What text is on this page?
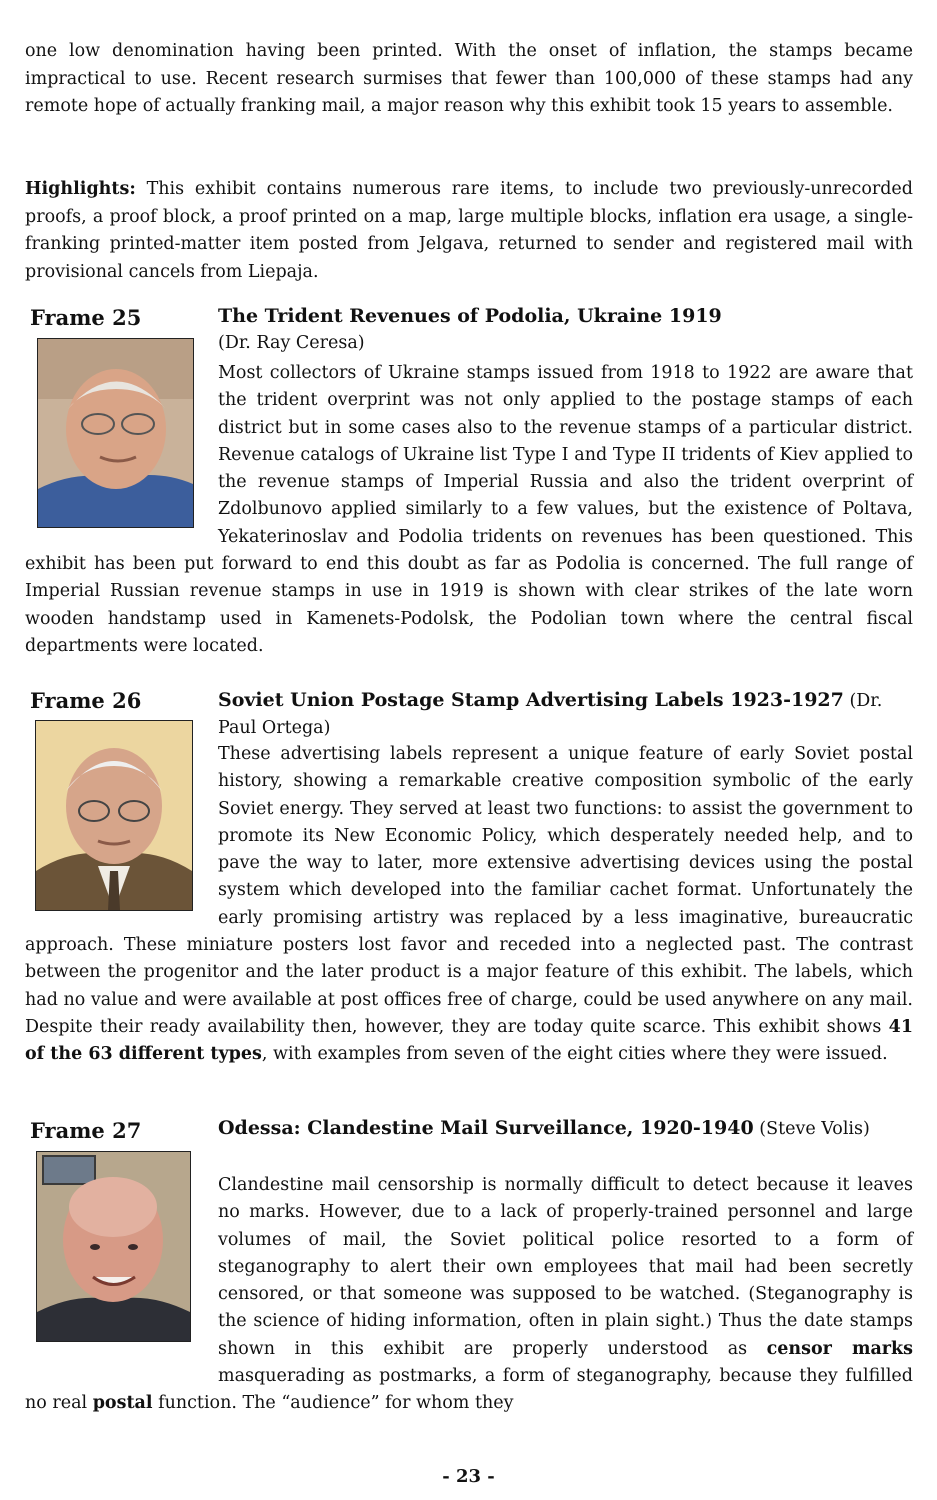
one low denomination having been printed. With the onset of inflation, the stamps became impractical to use. Recent research surmises that fewer than 100,000 of these stamps had any remote hope of actually franking mail, a major reason why this exhibit took 15 years to assemble.

Highlights: This exhibit contains numerous rare items, to include two previously-unrecorded proofs, a proof block, a proof printed on a map, large multiple blocks, inflation era usage, a single-franking printed-matter item posted from Jelgava, returned to sender and registered mail with provisional cancels from Liepaja.

Frame 25	The Trident Revenues of Podolia, Ukraine 1919
(Dr. Ray Ceresa)
Most collectors of Ukraine stamps issued from 1918 to 1922 are aware that the trident overprint was not only applied to the postage stamps of each district but in some cases also to the revenue stamps of a particular district. Revenue catalogs of Ukraine list Type I and Type II tridents of Kiev applied to the revenue stamps of Imperial Russia and also the trident overprint of Zdolbunovo applied similarly to a few values, but the existence of Poltava, Yekaterinoslav and Podolia tridents on revenues has been questioned. This exhibit has been put forward to end this doubt as far as Podolia is concerned. The full range of Imperial Russian revenue stamps in use in 1919 is shown with clear strikes of the late worn wooden handstamp used in Kamenets-Podolsk, the Podolian town where the central fiscal departments were located.
Frame 26	Soviet Union Postage Stamp Advertising Labels 1923-1927 (Dr. Paul Ortega)
These advertising labels represent a unique feature of early Soviet postal history, showing a remarkable creative composition symbolic of the early Soviet energy. They served at least two functions: to assist the government to promote its New Economic Policy, which desperately needed help, and to pave the way to later, more extensive advertising devices using the postal system which developed into the familiar cachet format. Unfortunately the early promising artistry was replaced by a less imaginative, bureaucratic approach. These miniature posters lost favor and receded into a neglected past. The contrast between the progenitor and the later product is a major feature of this exhibit. The labels, which had no value and were available at post offices free of charge, could be used anywhere on any mail. Despite their ready availability then, however, they are today quite scarce. This exhibit shows 41 of the 63 different types, with examples from seven of the eight cities where they were issued.
Frame 27	Odessa: Clandestine Mail Surveillance, 1920-1940 (Steve Volis)
Clandestine mail censorship is normally difficult to detect because it leaves no marks. However, due to a lack of properly-trained personnel and large volumes of mail, the Soviet political police resorted to a form of steganography to alert their own employees that mail had been secretly censored, or that someone was supposed to be watched. (Steganography is the science of hiding information, often in plain sight.) Thus the date stamps shown in this exhibit are properly understood as censor marks masquerading as postmarks, a form of steganography, because they fulfilled no real postal function. The “audience” for whom they
- 23 -
